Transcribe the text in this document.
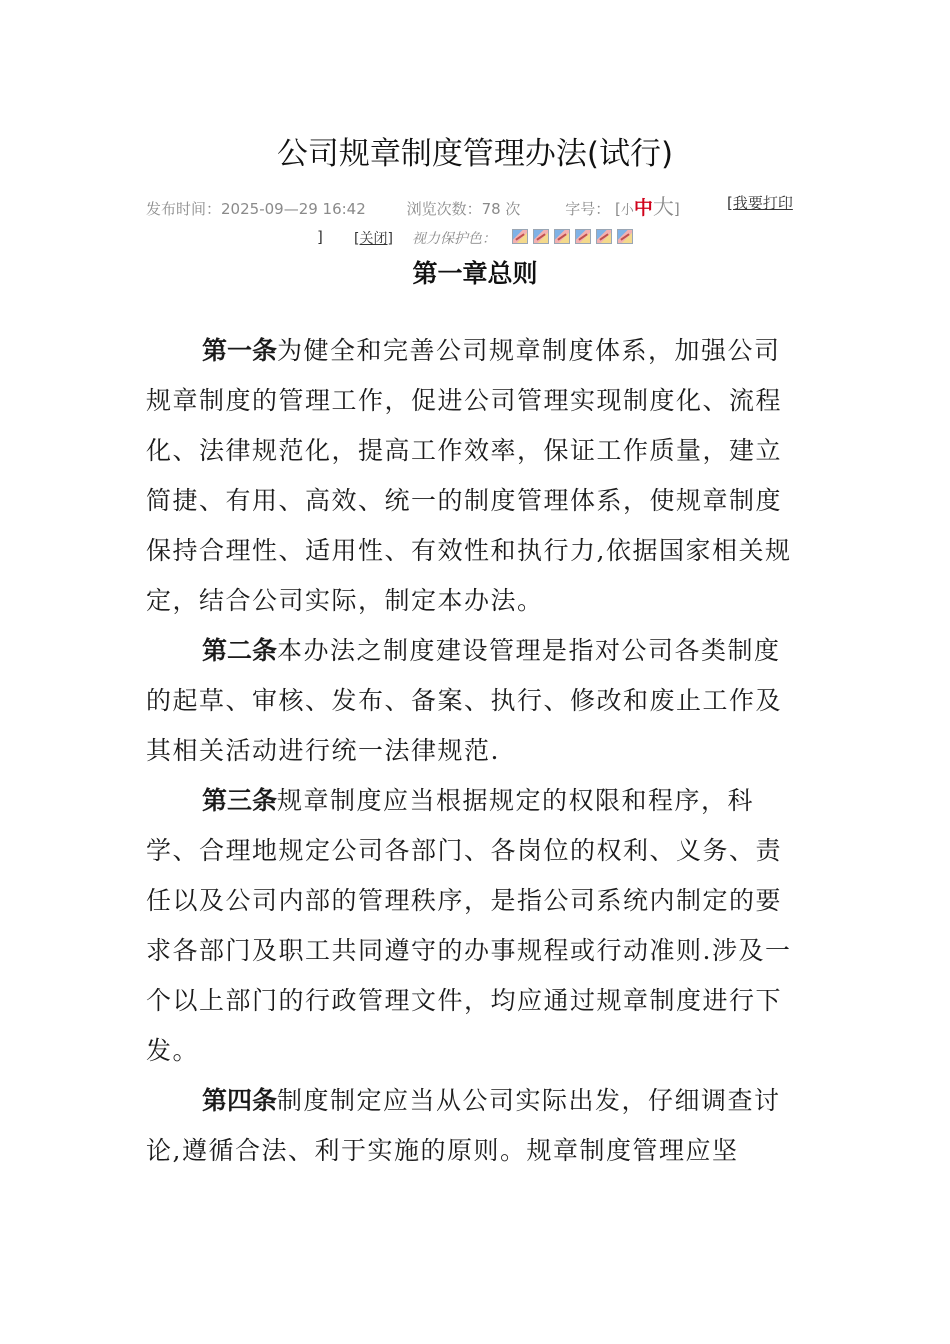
公司规章制度管理办法(试行)
发布时间：2025-09—29 16:42	浏览次数：78 次	字号： [小中大]	[我要打印
] [关闭] 视力保护色：
第一章总则

第一条为健全和完善公司规章制度体系，加强公司规章制度的管理工作，促进公司管理实现制度化、流程化、法律规范化，提高工作效率，保证工作质量，建立简捷、有用、高效、统一的制度管理体系，使规章制度保持合理性、适用性、有效性和执行力,依据国家相关规定，结合公司实际，制定本办法。

第二条本办法之制度建设管理是指对公司各类制度的起草、审核、发布、备案、执行、修改和废止工作及其相关活动进行统一法律规范.

第三条规章制度应当根据规定的权限和程序，科学、合理地规定公司各部门、各岗位的权利、义务、责任以及公司内部的管理秩序，是指公司系统内制定的要求各部门及职工共同遵守的办事规程或行动准则.涉及一个以上部门的行政管理文件，均应通过规章制度进行下发。

第四条制度制定应当从公司实际出发，仔细调查讨论,遵循合法、利于实施的原则。规章制度管理应坚
